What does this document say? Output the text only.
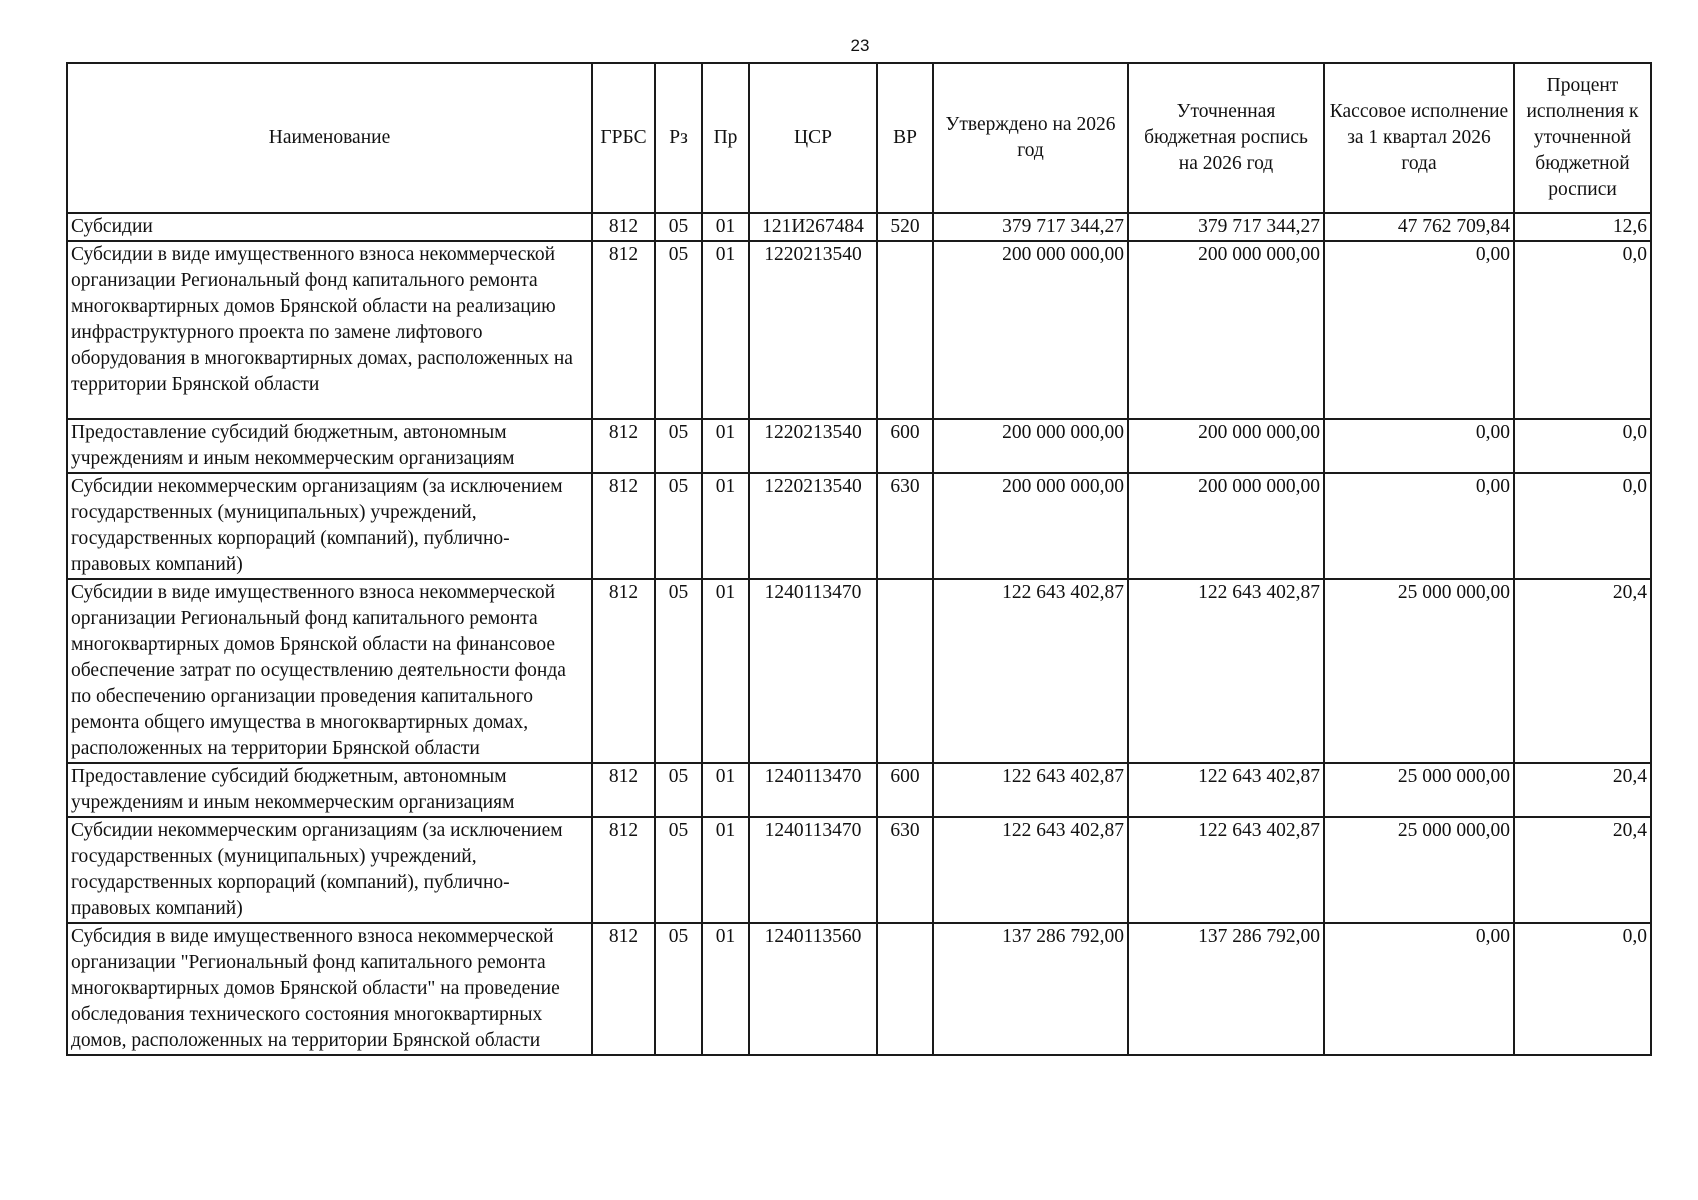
23
Наименование	ГРБС	Рз	Пр	ЦСР	ВР	Утверждено на 2026 год	Уточненная бюджетная роспись на 2026 год	Кассовое исполнение за 1 квартал 2026 года	Процент исполнения к уточненной бюджетной росписи
Субсидии	812	05	01	121И267484	520	379 717 344,27	379 717 344,27	47 762 709,84	12,6
Субсидии в виде имущественного взноса некоммерческой организации Региональный фонд капитального ремонта многоквартирных домов Брянской области на реализацию инфраструктурного проекта по замене лифтового оборудования в многоквартирных домах, расположенных на территории Брянской области	812	05	01	1220213540		200 000 000,00	200 000 000,00	0,00	0,0
Предоставление субсидий бюджетным, автономным учреждениям и иным некоммерческим организациям	812	05	01	1220213540	600	200 000 000,00	200 000 000,00	0,00	0,0
Субсидии некоммерческим организациям (за исключением государственных (муниципальных) учреждений, государственных корпораций (компаний), публично-правовых компаний)	812	05	01	1220213540	630	200 000 000,00	200 000 000,00	0,00	0,0
Субсидии в виде имущественного взноса некоммерческой организации Региональный фонд капитального ремонта многоквартирных домов Брянской области на финансовое обеспечение затрат по осуществлению деятельности фонда по обеспечению организации проведения капитального ремонта общего имущества в многоквартирных домах, расположенных на территории Брянской области	812	05	01	1240113470		122 643 402,87	122 643 402,87	25 000 000,00	20,4
Предоставление субсидий бюджетным, автономным учреждениям и иным некоммерческим организациям	812	05	01	1240113470	600	122 643 402,87	122 643 402,87	25 000 000,00	20,4
Субсидии некоммерческим организациям (за исключением государственных (муниципальных) учреждений, государственных корпораций (компаний), публично-правовых компаний)	812	05	01	1240113470	630	122 643 402,87	122 643 402,87	25 000 000,00	20,4
Субсидия в виде имущественного взноса некоммерческой организации "Региональный фонд капитального ремонта многоквартирных домов Брянской области" на проведение обследования технического состояния многоквартирных домов, расположенных на территории Брянской области	812	05	01	1240113560		137 286 792,00	137 286 792,00	0,00	0,0
